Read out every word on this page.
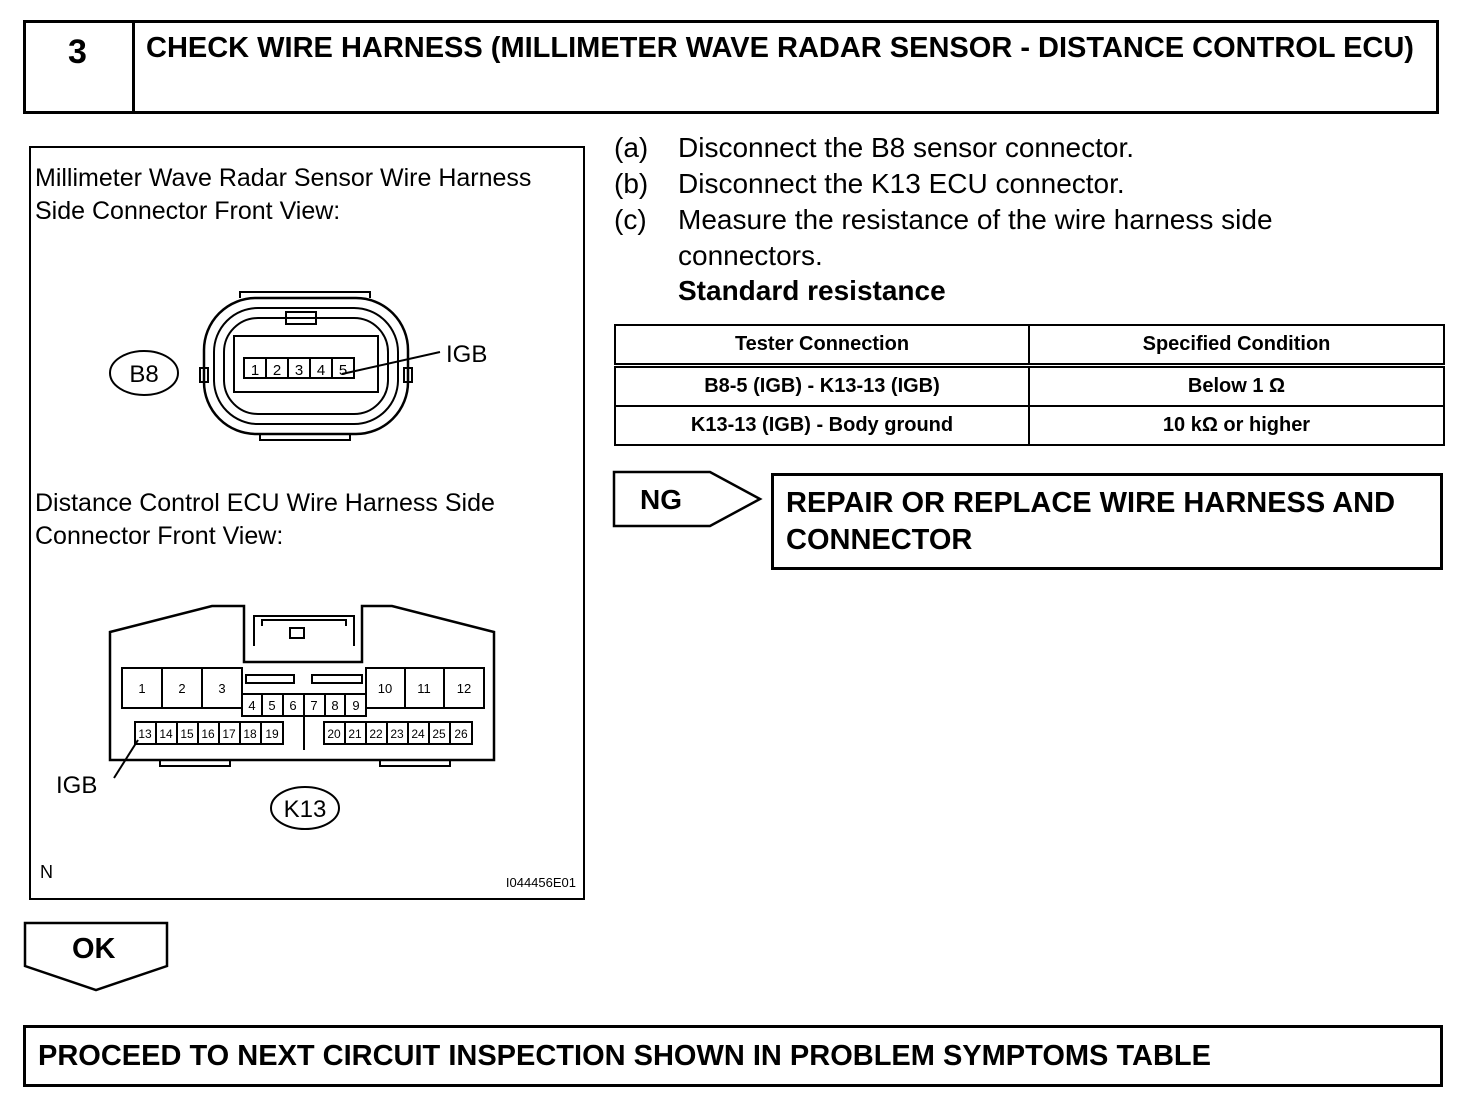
3	CHECK WIRE HARNESS (MILLIMETER WAVE RADAR SENSOR - DISTANCE CONTROL ECU)
Millimeter Wave Radar Sensor Wire Harness
Side Connector Front View:
Distance Control ECU Wire Harness Side
Connector Front View:
B8	1 2 3 4 5
IGB
1	2	3	10 11 12
4 5 6 7 8 9
13 14 15 16 17 18 19	20 21 22 23 24 25 26
IGB
K13
N
I044456E01
(a) Disconnect the B8 sensor connector.
(b) Disconnect the K13 ECU connector.
(c) Measure the resistance of the wire harness side
connectors.
Standard resistance
Tester Connection	Specified Condition
B8-5 (IGB) - K13-13 (IGB)	Below 1 Ω
K13-13 (IGB) - Body ground	10 kΩ or higher
NG	REPAIR OR REPLACE WIRE HARNESS AND
CONNECTOR
OK
PROCEED TO NEXT CIRCUIT INSPECTION SHOWN IN PROBLEM SYMPTOMS TABLE
